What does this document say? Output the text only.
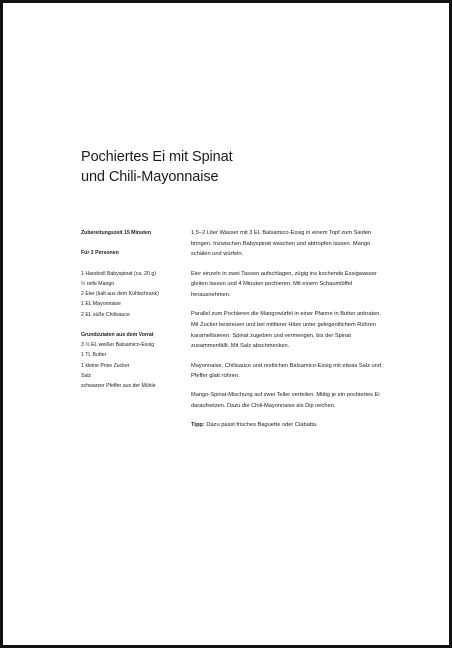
Pochiertes Ei mit Spinat
und Chili-Mayonnaise
Zubereitungszeit 15 Minuten
Für 2 Personen
1 Handvoll Babyspinat (ca. 20 g)
½ reife Mango
2 Eier (kalt aus dem Kühlschrank)
1 EL Mayonnaise
2 EL süße Chilisauce
Grundzutaten aus dem Vorrat
3 ½ EL weißer Balsamico-Essig
1 TL Butter
1 kleine Prise Zucker
Salz
schwarzer Pfeffer aus der Mühle

1,5–2 Liter Wasser mit 3 EL Balsamico-Essig in einem Topf zum Sieden bringen. Inzwischen Babyspinat waschen und abtropfen lassen. Mango schälen und würfeln.

Eier einzeln in zwei Tassen aufschlagen, zügig ins kochende Essigwasser gleiten lassen und 4 Minuten pochieren. Mit einem Schaumlöffel herausnehmen.

Parallel zum Pochieren die Mangowürfel in einer Pfanne in Butter anbraten. Mit Zucker bestreuen und bei mittlerer Hitze unter gelegentlichem Rühren karamellisieren. Spinat zugeben und vermengen, bis der Spinat zusammenfällt. Mit Salz abschmecken.

Mayonnaise, Chilisauce und restlichen Balsamico-Essig mit etwas Salz und Pfeffer glatt rühren.

Mango-Spinat-Mischung auf zwei Teller verteilen. Mittig je ein pochiertes Ei daraufsetzen. Dazu die Chili-Mayonnaise als Dip reichen.

Tipp: Dazu passt frisches Baguette oder Ciabatta.
